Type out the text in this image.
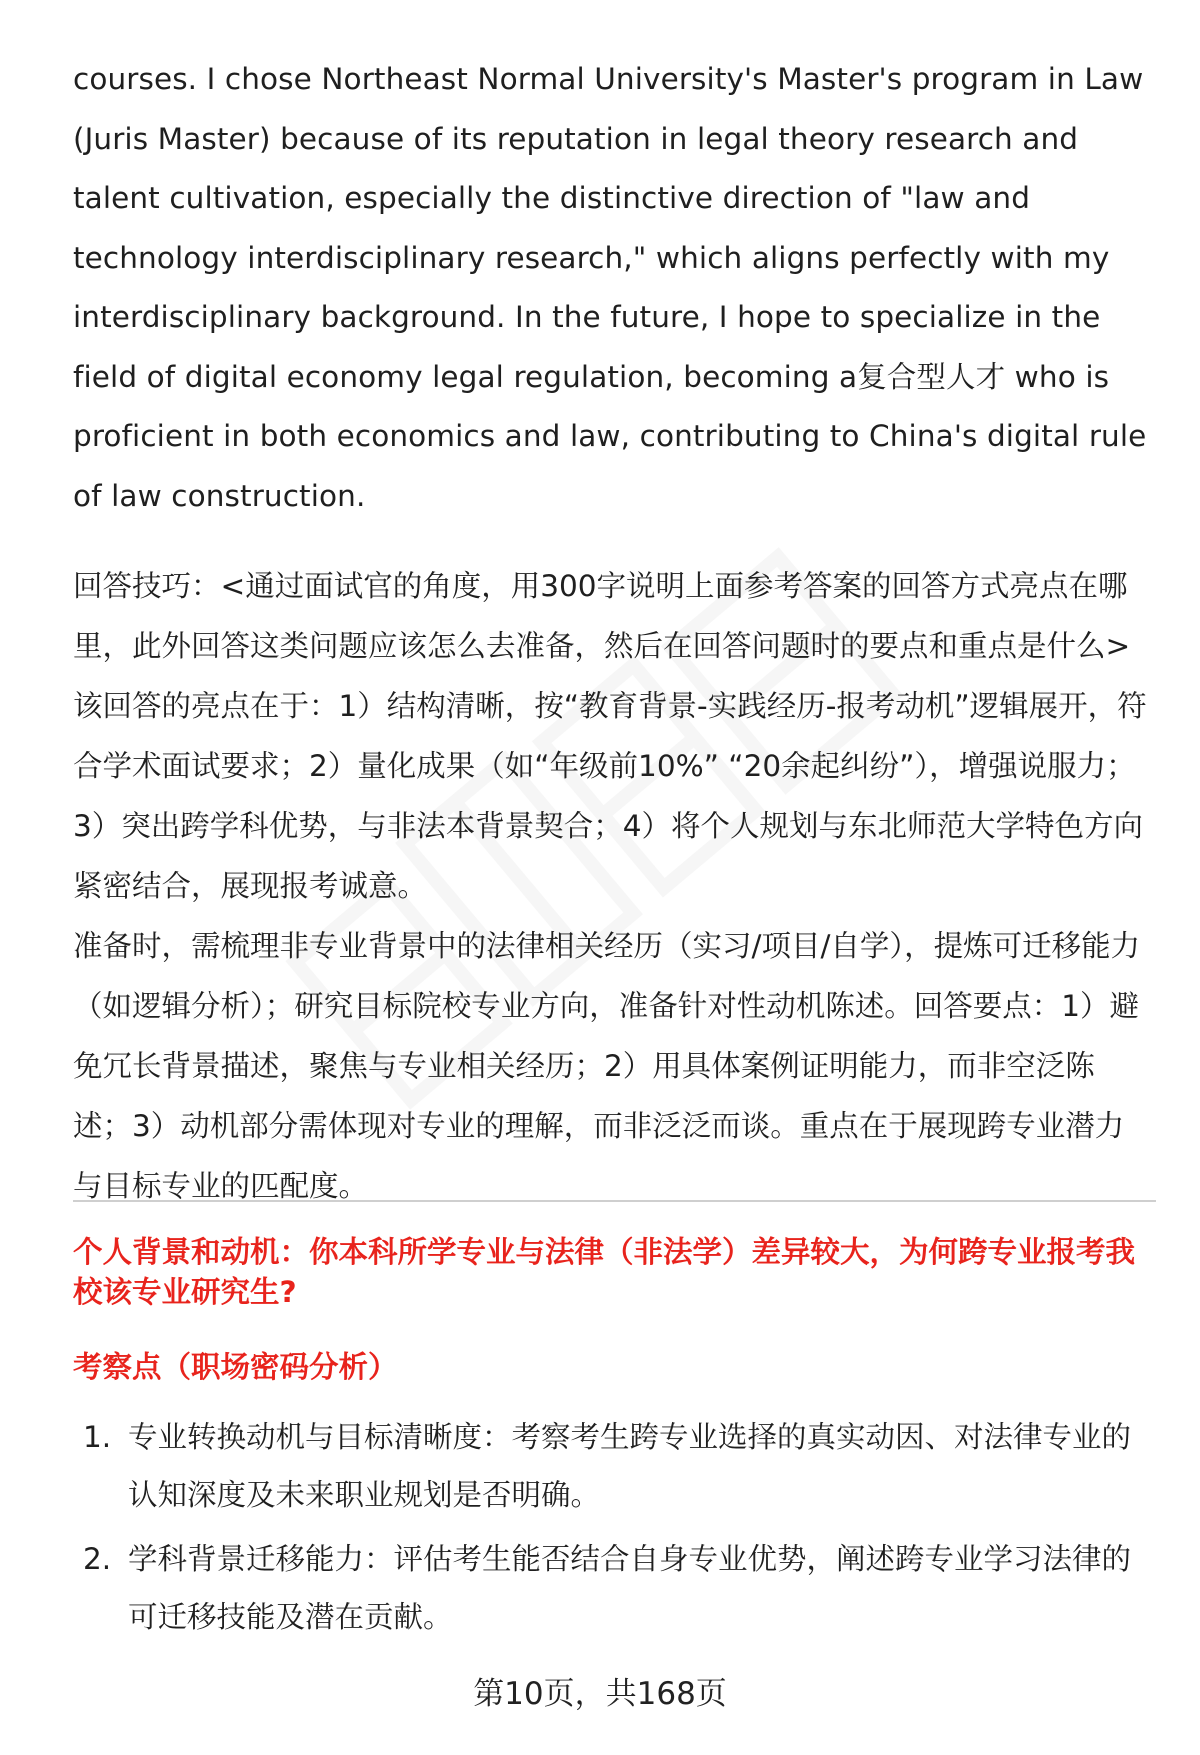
courses. I chose Northeast Normal University's Master's program in Law (Juris Master) because of its reputation in legal theory research and talent cultivation, especially the distinctive direction of "law and technology interdisciplinary research," which aligns perfectly with my interdisciplinary background. In the future, I hope to specialize in the field of digital economy legal regulation, becoming a复合型人才 who is proficient in both economics and law, contributing to China's digital rule of law construction.

回答技巧：<通过面试官的角度，用300字说明上面参考答案的回答方式亮点在哪里，此外回答这类问题应该怎么去准备，然后在回答问题时的要点和重点是什么>

该回答的亮点在于：1）结构清晰，按“教育背景-实践经历-报考动机”逻辑展开，符合学术面试要求；2）量化成果（如“年级前10%” “20余起纠纷”），增强说服力；3）突出跨学科优势，与非法本背景契合；4）将个人规划与东北师范大学特色方向紧密结合，展现报考诚意。

准备时，需梳理非专业背景中的法律相关经历（实习/项目/自学），提炼可迁移能力（如逻辑分析）；研究目标院校专业方向，准备针对性动机陈述。回答要点：1）避免冗长背景描述，聚焦与专业相关经历；2）用具体案例证明能力，而非空泛陈述；3）动机部分需体现对专业的理解，而非泛泛而谈。重点在于展现跨专业潜力与目标专业的匹配度。

个人背景和动机：你本科所学专业与法律（非法学）差异较大，为何跨专业报考我校该专业研究生?

考察点（职场密码分析）

1. 专业转换动机与目标清晰度：考察考生跨专业选择的真实动因、对法律专业的认知深度及未来职业规划是否明确。
2. 学科背景迁移能力：评估考生能否结合自身专业优势，阐述跨专业学习法律的可迁移技能及潜在贡献。
第10页，共168页
